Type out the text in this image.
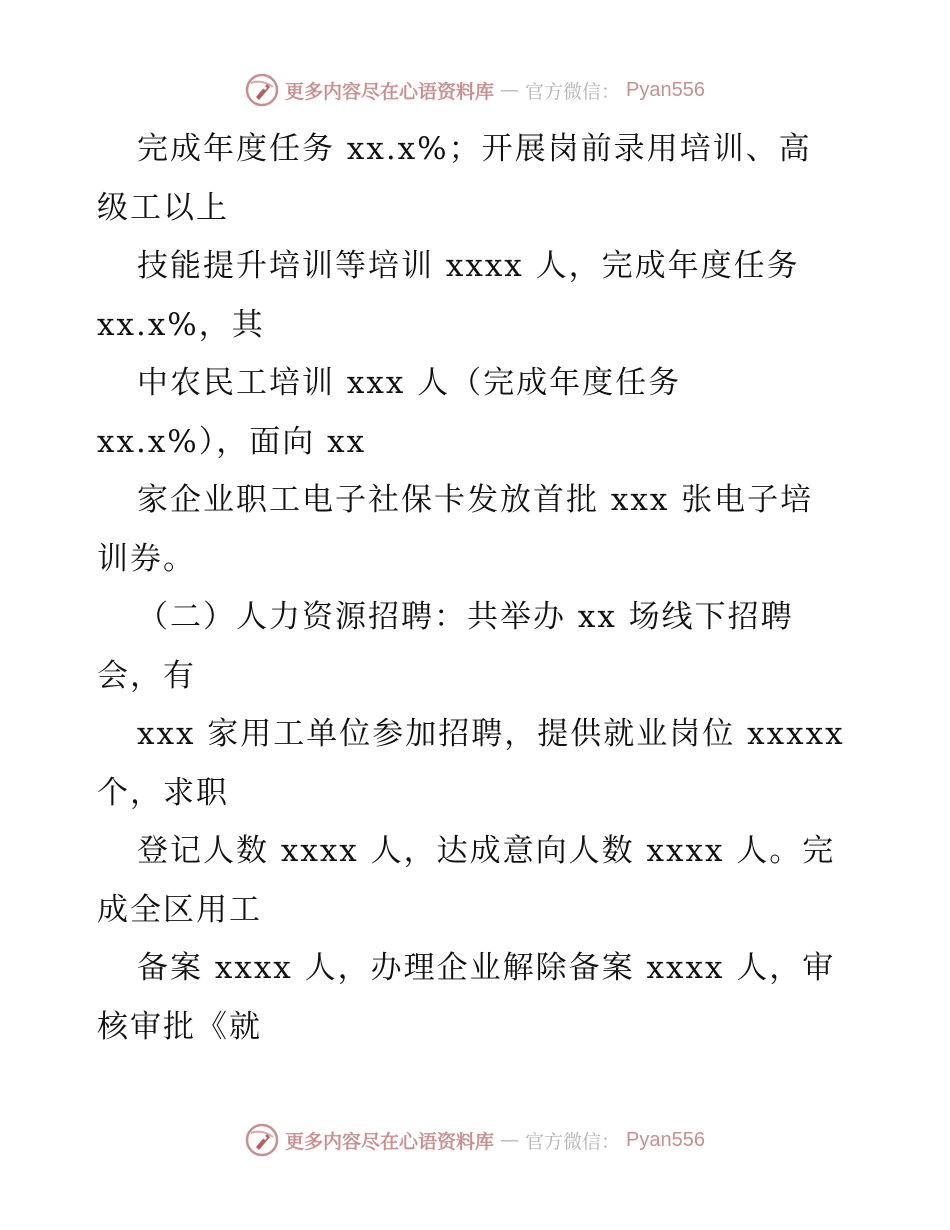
更多内容尽在心语资料库 — 官方微信： Pyan556
完成年度任务 xx.x%；开展岗前录用培训、高
级工以上
技能提升培训等培训 xxxx 人，完成年度任务
xx.x%，其
中农民工培训 xxx 人（完成年度任务
xx.x%），面向 xx
家企业职工电子社保卡发放首批 xxx 张电子培
训券。
（二）人力资源招聘：共举办 xx 场线下招聘
会，有
xxx 家用工单位参加招聘，提供就业岗位 xxxxx
个，求职
登记人数 xxxx 人，达成意向人数 xxxx 人。完
成全区用工
备案 xxxx 人，办理企业解除备案 xxxx 人，审
核审批《就
更多内容尽在心语资料库 — 官方微信： Pyan556
